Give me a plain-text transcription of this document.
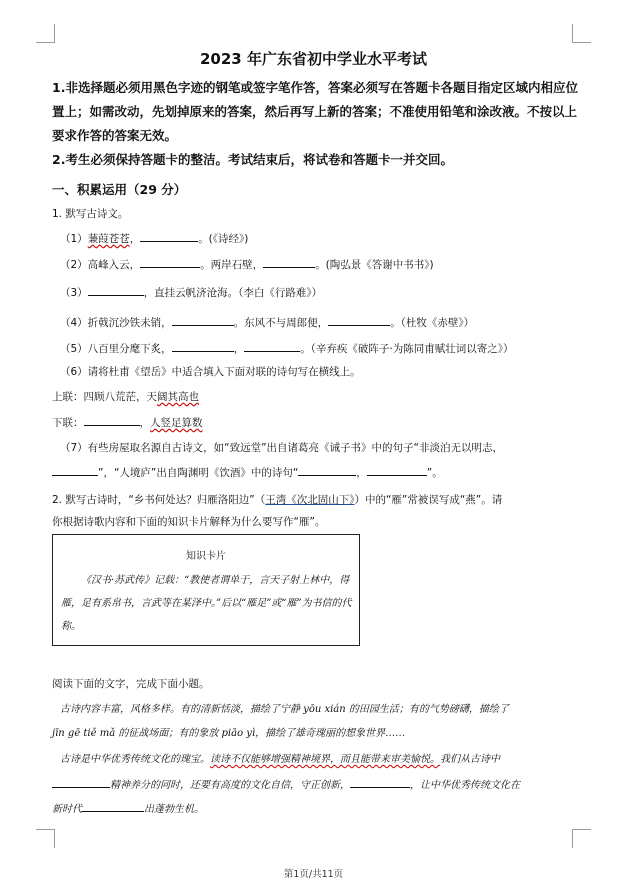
2023 年广东省初中学业水平考试
1.非选择题必须用黑色字迹的钢笔或签字笔作答，答案必须写在答题卡各题目指定区域内相应位置上；如需改动，先划掉原来的答案，然后再写上新的答案；不准使用铅笔和涂改液。不按以上要求作答的答案无效。
2.考生必须保持答题卡的整洁。考试结束后，将试卷和答题卡一并交回。
一、积累运用（29 分）
1. 默写古诗文。
（1）蒹葭苍苍，	。(《诗经》)
（2）高峰入云，	。两岸石壁，	。(陶弘景《答谢中书书》)
（3）	，直挂云帆济沧海。（李白《行路难》）
（4）折戟沉沙铁未销，	。东风不与周郎便，	。（杜牧《赤壁》）
（5）八百里分麾下炙，	，	。（辛弃疾《破阵子·为陈同甫赋壮词以寄之》）
（6）请将杜甫《望岳》中适合填入下面对联的诗句写在横线上。
上联：四顾八荒茫，天阔其高也
下联：	，人竖足算数
（7）有些房屋取名源自古诗文，如“致远堂”出自诸葛亮《诫子书》中的句子“非淡泊无以明志，
”，“人境庐”出自陶渊明《饮酒》中的诗句“	，	”。
2. 默写古诗时，“乡书何处达？归雁洛阳边”（王湾《次北固山下》）中的“雁”常被误写成“燕”。请
你根据诗歌内容和下面的知识卡片解释为什么要写作“雁”。
知识卡片
《汉书·苏武传》记载：“教使者谓单于，言天子射上林中，得雁，足有系帛书，言武等在某泽中。”后以“雁足”或“雁”为书信的代称。
阅读下面的文字，完成下面小题。
古诗内容丰富，风格多样。有的清新恬淡，描绘了宁静 yōu xián 的田园生活；有的气势磅礴，描绘了
jīn gē tiě mǎ 的征战场面；有的象放 piāo yì，描绘了雄奇瑰丽的想象世界……
古诗是中华优秀传统文化的瑰宝。读诗不仅能够增强精神境界，而且能带来审美愉悦。我们从古诗中
精神养分的同时，还要有高度的文化自信，守正创新，	，让中华优秀传统文化在
新时代	出蓬勃生机。
第1页/共11页
